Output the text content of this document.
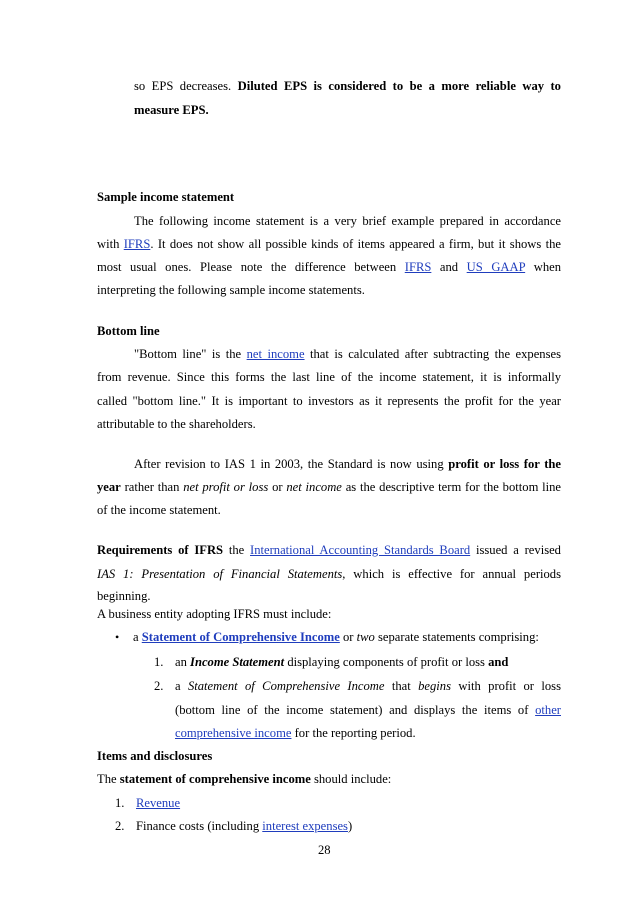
so EPS decreases. Diluted EPS is considered to be a more reliable way to
measure EPS.
Sample income statement
The following income statement is a very brief example prepared in accordance
with IFRS. It does not show all possible kinds of items appeared a firm, but it shows the
most usual ones. Please note the difference between IFRS and US GAAP when
interpreting the following sample income statements.
Bottom line
"Bottom line" is the net income that is calculated after subtracting the expenses
from revenue. Since this forms the last line of the income statement, it is informally
called "bottom line." It is important to investors as it represents the profit for the year
attributable to the shareholders.
After revision to IAS 1 in 2003, the Standard is now using profit or loss for the
year rather than net profit or loss or net income as the descriptive term for the bottom line
of the income statement.
Requirements of IFRS the International Accounting Standards Board issued a revised
IAS 1: Presentation of Financial Statements, which is effective for annual periods
beginning.
A business entity adopting IFRS must include:
• a Statement of Comprehensive Income or two separate statements comprising:
1. an Income Statement displaying components of profit or loss and
2. a Statement of Comprehensive Income that begins with profit or loss
(bottom line of the income statement) and displays the items of other
comprehensive income for the reporting period.
Items and disclosures
The statement of comprehensive income should include:
1. Revenue
2. Finance costs (including interest expenses)
28
